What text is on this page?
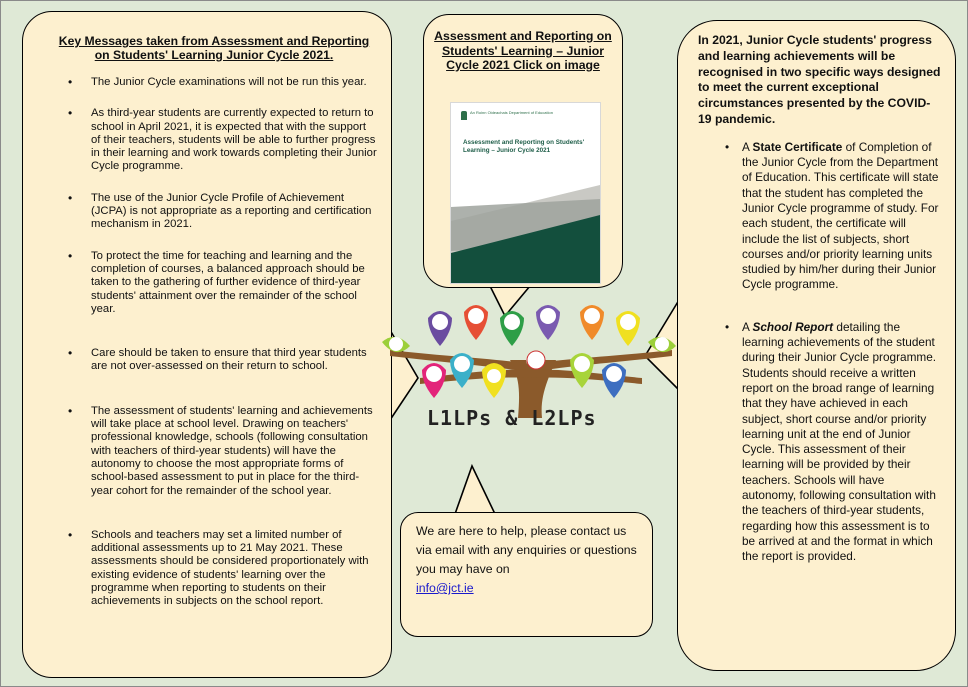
Key Messages taken from Assessment and Reporting on Students' Learning Junior Cycle 2021.
• The Junior Cycle examinations will not be run this year.
• As third-year students are currently expected to return to school in April 2021, it is expected that with the support of their teachers, students will be able to further progress in their learning and work towards completing their Junior Cycle programme.
• The use of the Junior Cycle Profile of Achievement (JCPA) is not appropriate as a reporting and certification mechanism in 2021.
• To protect the time for teaching and learning and the completion of courses, a balanced approach should be taken to the gathering of further evidence of third-year students' attainment over the remainder of the school year.
• Care should be taken to ensure that third year students are not over-assessed on their return to school.
• The assessment of students' learning and achievements will take place at school level. Drawing on teachers' professional knowledge, schools (following consultation with teachers of third-year students) will have the autonomy to choose the most appropriate forms of school-based assessment to put in place for the third-year cohort for the remainder of the school year.
• Schools and teachers may set a limited number of additional assessments up to 21 May 2021. These assessments should be considered proportionately with existing evidence of students' learning over the programme when reporting to students on their achievements in subjects on the school report.
Assessment and Reporting on Students' Learning – Junior Cycle 2021 Click on image
An Roinn Oideachais Department of Education
Assessment and Reporting on Students' Learning – Junior Cycle 2021
L1LPs & L2LPs

We are here to help, please contact us via email with any enquiries or questions you may have on
info@jct.ie

In 2021, Junior Cycle students' progress and learning achievements will be recognised in two specific ways designed to meet the current exceptional circumstances presented by the COVID-19 pandemic.
• A State Certificate of Completion of the Junior Cycle from the Department of Education. This certificate will state that the student has completed the Junior Cycle programme of study. For each student, the certificate will include the list of subjects, short courses and/or priority learning units studied by him/her during their Junior Cycle programme.
• A School Report detailing the learning achievements of the student during their Junior Cycle programme. Students should receive a written report on the broad range of learning that they have achieved in each subject, short course and/or priority learning unit at the end of Junior Cycle. This assessment of their learning will be provided by their teachers. Schools will have autonomy, following consultation with the teachers of third-year students, regarding how this assessment is to be arrived at and the format in which the report is provided.
